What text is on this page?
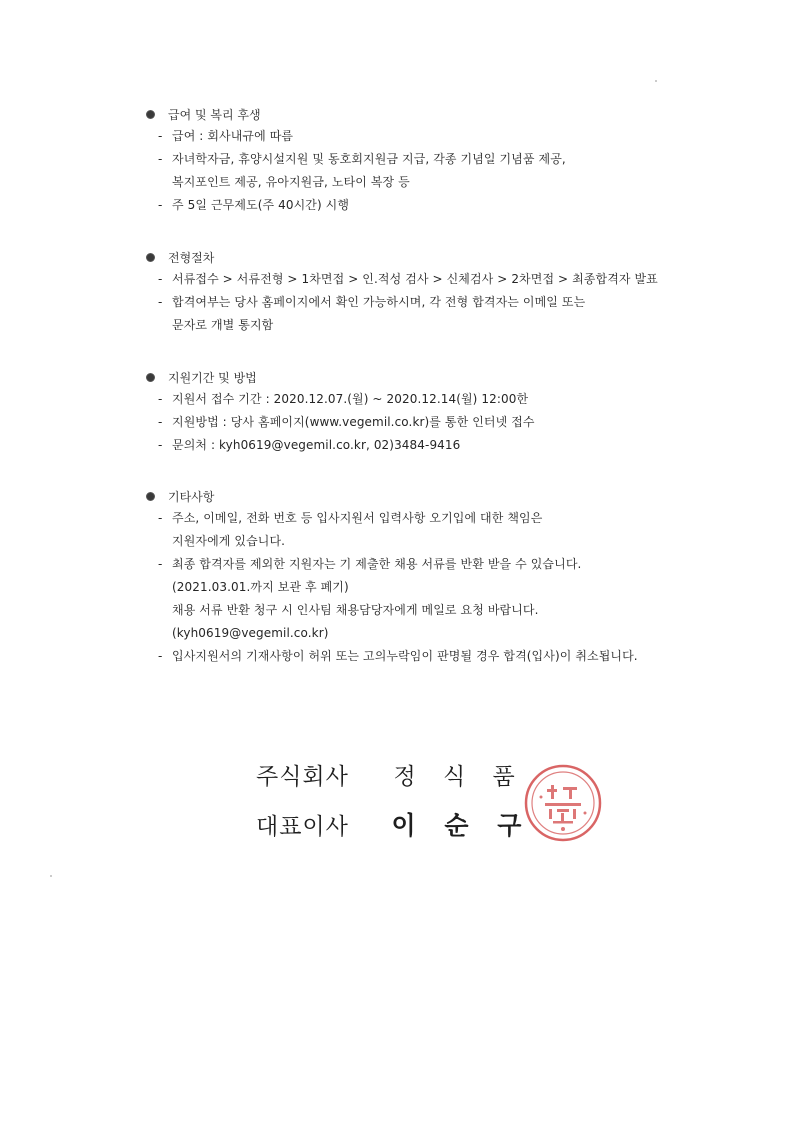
급여 및 복리 후생
- 급여 : 회사내규에 따름
- 자녀학자금, 휴양시설지원 및 동호회지원금 지급, 각종 기념일 기념품 제공,
복지포인트 제공, 유아지원금, 노타이 복장 등
- 주 5일 근무제도(주 40시간) 시행
전형절차
- 서류접수 > 서류전형 > 1차면접 > 인.적성 검사 > 신체검사 > 2차면접 > 최종합격자 발표
- 합격여부는 당사 홈페이지에서 확인 가능하시며, 각 전형 합격자는 이메일 또는
문자로 개별 통지함
지원기간 및 방법
- 지원서 접수 기간 : 2020.12.07.(월) ~ 2020.12.14(월) 12:00한
- 지원방법 : 당사 홈페이지(www.vegemil.co.kr)를 통한 인터넷 접수
- 문의처 : kyh0619@vegemil.co.kr, 02)3484-9416
기타사항
- 주소, 이메일, 전화 번호 등 입사지원서 입력사항 오기입에 대한 책임은
지원자에게 있습니다.
- 최종 합격자를 제외한 지원자는 기 제출한 채용 서류를 반환 받을 수 있습니다.
(2021.03.01.까지 보관 후 폐기)
채용 서류 반환 청구 시 인사팀 채용담당자에게 메일로 요청 바랍니다.
(kyh0619@vegemil.co.kr)
- 입사지원서의 기재사항이 허위 또는 고의누락임이 판명될 경우 합격(입사)이 취소됩니다.
주식회사 정 식 품
대표이사 이 순 구
